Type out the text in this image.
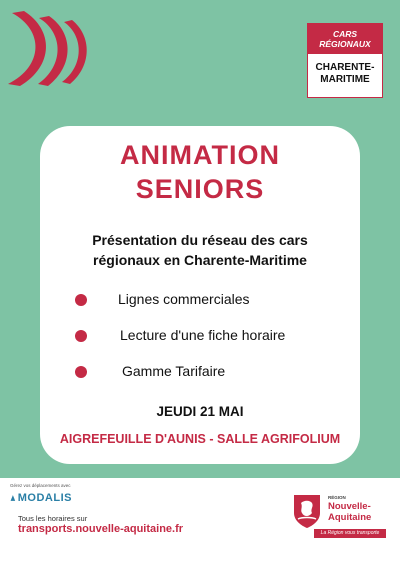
CARS
RÉGIONAUX
CHARENTE-
MARITIME
ANIMATION
SENIORS
Présentation du réseau des cars
régionaux en Charente-Maritime
Lignes commerciales
Lecture d'une fiche horaire
Gamme Tarifaire
JEUDI 21 MAI
AIGREFEUILLE D'AUNIS - SALLE AGRIFOLIUM
Gérez vos déplacements avec
MODALIS
Tous les horaires sur
transports.nouvelle-aquitaine.fr
RÉGION
Nouvelle-
Aquitaine
La Région vous transporte
